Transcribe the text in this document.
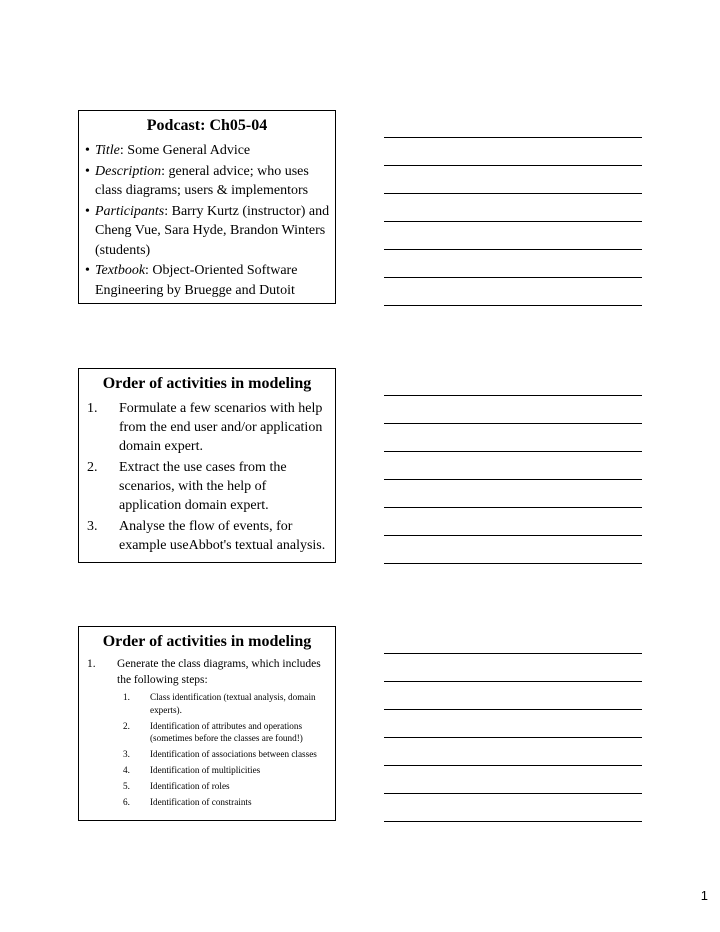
Podcast: Ch05-04
• Title: Some General Advice
• Description: general advice; who uses class diagrams; users & implementors
• Participants: Barry Kurtz (instructor) and Cheng Vue, Sara Hyde, Brandon Winters (students)
• Textbook: Object-Oriented Software Engineering by Bruegge and Dutoit
Order of activities in modeling
1. Formulate a few scenarios with help from the end user and/or application domain expert.
2. Extract the use cases from the scenarios, with the help of application domain expert.
3. Analyse the flow of events, for example useAbbot's textual analysis.
Order of activities in modeling
1. Generate the class diagrams, which includes the following steps:
1. Class identification (textual analysis, domain experts).
2. Identification of attributes and operations (sometimes before the classes are found!)
3. Identification of associations between classes
4. Identification of multiplicities
5. Identification of roles
6. Identification of constraints
1
